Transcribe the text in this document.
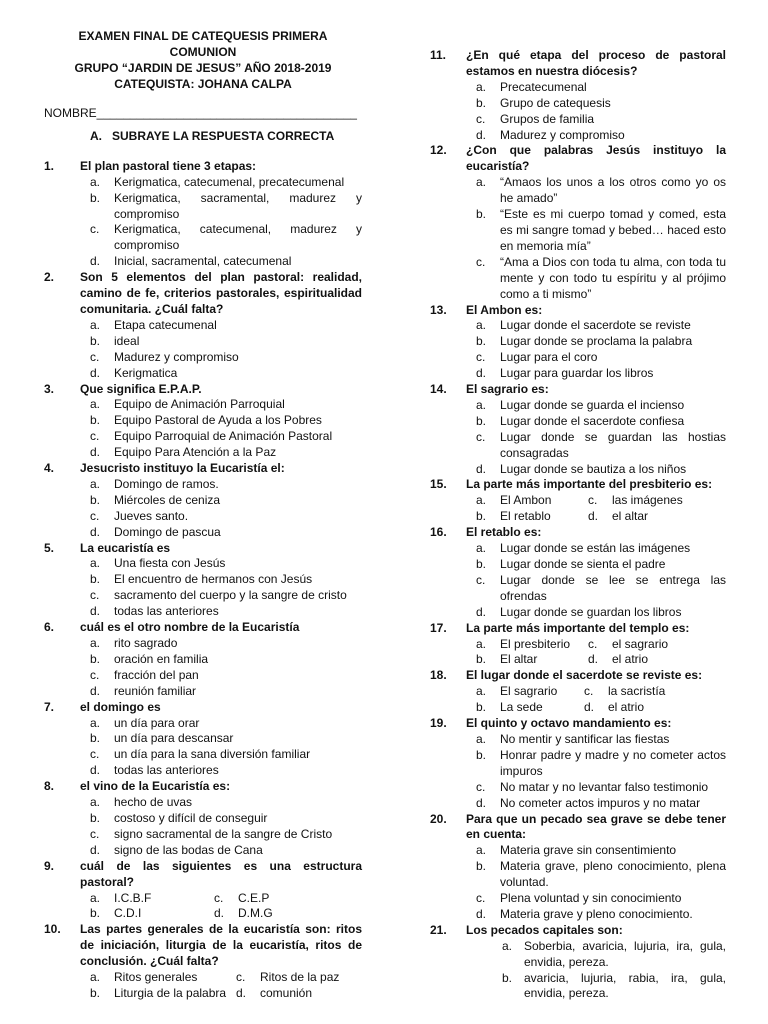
EXAMEN FINAL DE CATEQUESIS PRIMERA COMUNION
GRUPO “JARDIN DE JESUS” AÑO 2018-2019
CATEQUISTA: JOHANA CALPA
NOMBRE_______________________________________
A. SUBRAYE LA RESPUESTA CORRECTA
1.	El plan pastoral tiene 3 etapas:
a.	Kerigmatica, catecumenal, precatecumenal
b.	Kerigmatica, sacramental, madurez y compromiso
c.	Kerigmatica, catecumenal, madurez y compromiso
d.	Inicial, sacramental, catecumenal
2.	Son 5 elementos del plan pastoral: realidad, camino de fe, criterios pastorales, espiritualidad comunitaria. ¿Cuál falta?
a.	Etapa catecumenal
b.	ideal
c.	Madurez y compromiso
d.	Kerigmatica
3.	Que significa E.P.A.P.
a.	Equipo de Animación Parroquial
b.	Equipo Pastoral de Ayuda a los Pobres
c.	Equipo Parroquial de Animación Pastoral
d.	Equipo Para Atención a la Paz
4.	Jesucristo instituyo la Eucaristía el:
a.	Domingo de ramos.
b.	Miércoles de ceniza
c.	Jueves santo.
d.	Domingo de pascua
5.	La eucaristía es
a.	Una fiesta con Jesús
b.	El encuentro de hermanos con Jesús
c.	sacramento del cuerpo y la sangre de cristo
d.	todas las anteriores
6.	cuál es el otro nombre de la Eucaristía
a.	rito sagrado
b.	oración en familia
c.	fracción del pan
d.	reunión familiar
7.	el domingo es
a.	un día para orar
b.	un día para descansar
c.	un día para la sana diversión familiar
d.	todas las anteriores
8.	el vino de la Eucaristía es:
a.	hecho de uvas
b.	costoso y difícil de conseguir
c.	signo sacramental de la sangre de Cristo
d.	signo de las bodas de Cana
9.	cuál de las siguientes es una estructura pastoral?
a.	I.C.B.F	c.	C.E.P
b.	C.D.I	d.	D.M.G
10.	Las partes generales de la eucaristía son: ritos de iniciación, liturgia de la eucaristía, ritos de conclusión. ¿Cuál falta?
a.	Ritos generales	c.	Ritos de la paz
b.	Liturgia de la palabra d.	comunión
11.	¿En qué etapa del proceso de pastoral estamos en nuestra diócesis?
a.	Precatecumenal
b.	Grupo de catequesis
c.	Grupos de familia
d.	Madurez y compromiso
12.	¿Con que palabras Jesús instituyo la eucaristía?
a.	“Amaos los unos a los otros como yo os he amado”
b.	“Este es mi cuerpo tomad y comed, esta es mi sangre tomad y bebed… haced esto en memoria mía”
c.	“Ama a Dios con toda tu alma, con toda tu mente y con todo tu espíritu y al prójimo como a ti mismo”
13.	El Ambon es:
a.	Lugar donde el sacerdote se reviste
b.	Lugar donde se proclama la palabra
c.	Lugar para el coro
d.	Lugar para guardar los libros
14.	El sagrario es:
a.	Lugar donde se guarda el incienso
b.	Lugar donde el sacerdote confiesa
c.	Lugar donde se guardan las hostias consagradas
d.	Lugar donde se bautiza a los niños
15.	La parte más importante del presbiterio es:
a.	El Ambon	c.	las imágenes
b.	El retablo	d.	el altar
16.	El retablo es:
a.	Lugar donde se están las imágenes
b.	Lugar donde se sienta el padre
c.	Lugar donde se lee se entrega las ofrendas
d.	Lugar donde se guardan los libros
17.	La parte más importante del templo es:
a.	El presbiterio c.	el sagrario
b.	El altar	d.	el atrio
18.	El lugar donde el sacerdote se reviste es:
a.	El sagrario c.	la sacristía
b.	La sede	d.	el atrio
19.	El quinto y octavo mandamiento es:
a.	No mentir y santificar las fiestas
b.	Honrar padre y madre y no cometer actos impuros
c.	No matar y no levantar falso testimonio
d.	No cometer actos impuros y no matar
20.	Para que un pecado sea grave se debe tener en cuenta:
a.	Materia grave sin consentimiento
b.	Materia grave, pleno conocimiento, plena voluntad.
c.	Plena voluntad y sin conocimiento
d.	Materia grave y pleno conocimiento.
21.	Los pecados capitales son:
a. Soberbia, avaricia, lujuria, ira, gula, envidia, pereza.
b. avaricia, lujuria, rabia, ira, gula, envidia, pereza.
